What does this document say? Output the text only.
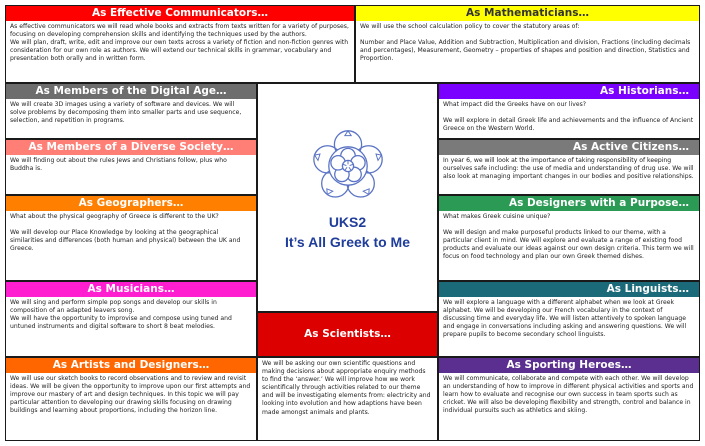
As Effective Communicators…
As effective communicators we will read whole books and extracts from texts written for a variety of purposes, focusing on developing comprehension skills and identifying the techniques used by the authors.
We will plan, draft, write, edit and improve our own texts across a variety of fiction and non-fiction genres with consideration for our own role as authors. We will extend our technical skills in grammar, vocabulary and presentation both orally and in written form.
As Mathematicians…
We will use the school calculation policy to cover the statutory areas of:

Number and Place Value, Addition and Subtraction, Multiplication and division, Fractions (including decimals and percentages), Measurement, Geometry – properties of shapes and position and direction, Statistics and Proportion.
As Members of the Digital Age…
We will create 3D images using a variety of software and devices. We will solve problems by decomposing them into smaller parts and use sequence, selection, and repetition in programs.
As Historians…
What impact did the Greeks have on our lives?

We will explore in detail Greek life and achievements and the influence of Ancient Greece on the Western World.
As Members of a Diverse Society…
We will finding out about the rules Jews and Christians follow, plus who Buddha is.
As Active Citizens…
In year 6, we will look at the importance of taking responsibility of keeping ourselves safe including: the use of media and understanding of drug use. We will also look at managing important changes in our bodies and positive relationships.
As Geographers…
What about the physical geography of Greece is different to the UK?

We will develop our Place Knowledge by looking at the geographical similarities and differences (both human and physical) between the UK and Greece.
As Designers with a Purpose…
What makes Greek cuisine unique?

We will design and make purposeful products linked to our theme, with a particular client in mind. We will explore and evaluate a range of existing food products and evaluate our ideas against our own design criteria. This term we will focus on food technology and plan our own Greek themed dishes.
UKS2
It’s All Greek to Me
As Musicians…
We will sing and perform simple pop songs and develop our skills in composition of an adapted leavers song.
We will have the opportunity to improvise and compose using tuned and untuned instruments and digital software to short 8 beat melodies.
As Linguists…
We will explore a language with a different alphabet when we look at Greek alphabet. We will be developing our French vocabulary in the context of discussing time and everyday life. We will listen attentively to spoken language and engage in conversations including asking and answering questions. We will prepare pupils to become secondary school linguists.
As Scientists…
As Artists and Designers…
We will use our sketch books to record observations and to review and revisit ideas. We will be given the opportunity to improve upon our first attempts and improve our mastery of art and design techniques. In this topic we will pay particular attention to developing our drawing skills focusing on drawing buildings and learning about proportions, including the horizon line.
We will be asking our own scientific questions and making decisions about appropriate enquiry methods to find the ‘answer.’ We will improve how we work scientifically through activities related to our theme and will be investigating elements from: electricity and looking into evolution and how adaptions have been made amongst animals and plants.
As Sporting Heroes…
We will communicate, collaborate and compete with each other. We will develop an understanding of how to improve in different physical activities and sports and learn how to evaluate and recognise our own success in team sports such as cricket. We will also be developing flexibility and strength, control and balance in individual pursuits such as athletics and skiing.
